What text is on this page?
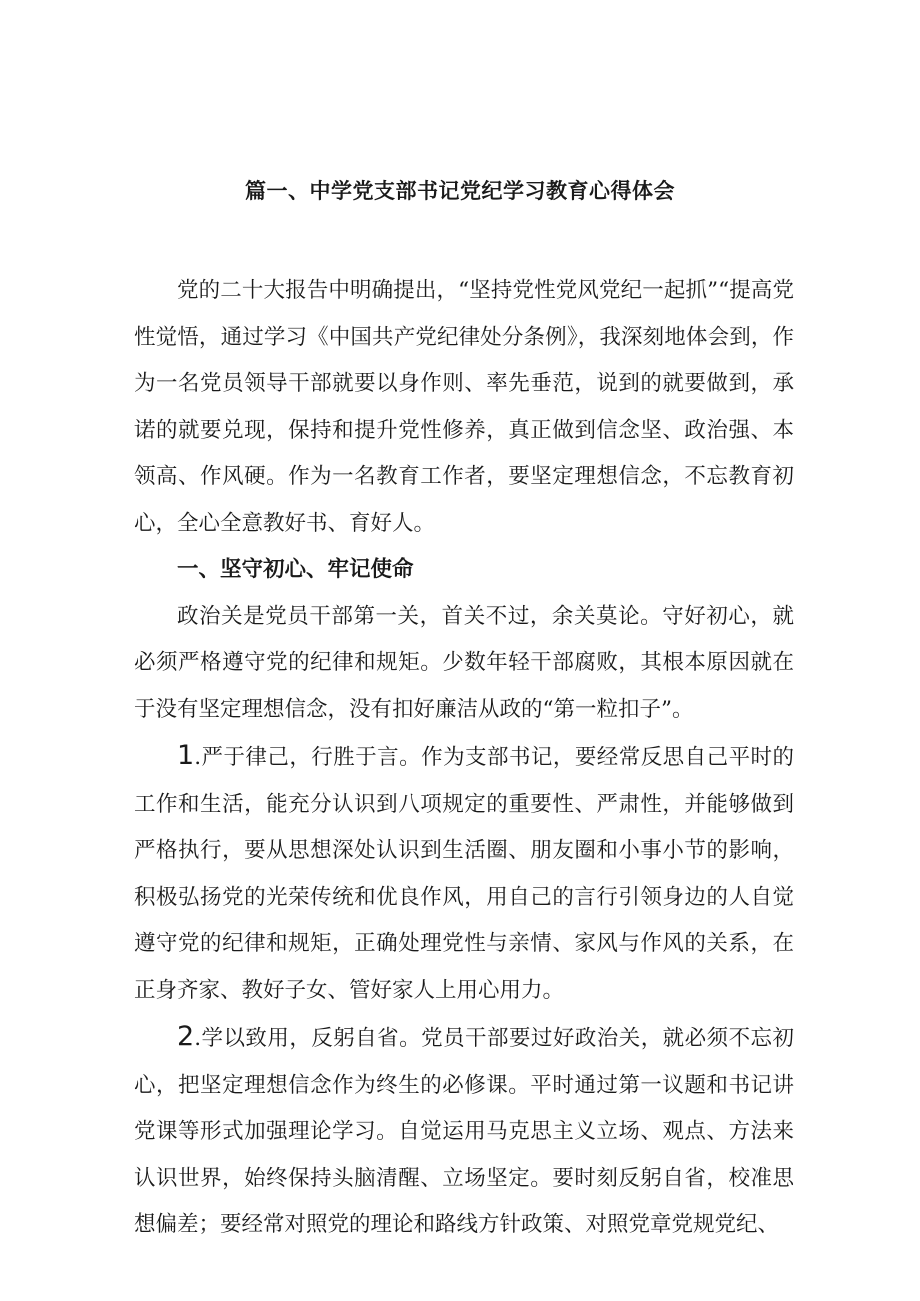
篇一、中学党支部书记党纪学习教育心得体会

党的二十大报告中明确提出，“坚持党性党风党纪一起抓”“提高党性觉悟，通过学习《中国共产党纪律处分条例》，我深刻地体会到，作为一名党员领导干部就要以身作则、率先垂范，说到的就要做到，承诺的就要兑现，保持和提升党性修养，真正做到信念坚、政治强、本领高、作风硬。作为一名教育工作者，要坚定理想信念，不忘教育初心，全心全意教好书、育好人。

一、坚守初心、牢记使命

政治关是党员干部第一关，首关不过，余关莫论。守好初心，就必须严格遵守党的纪律和规矩。少数年轻干部腐败，其根本原因就在于没有坚定理想信念，没有扣好廉洁从政的“第一粒扣子”。

1.严于律己，行胜于言。作为支部书记，要经常反思自己平时的工作和生活，能充分认识到八项规定的重要性、严肃性，并能够做到严格执行，要从思想深处认识到生活圈、朋友圈和小事小节的影响，积极弘扬党的光荣传统和优良作风，用自己的言行引领身边的人自觉遵守党的纪律和规矩，正确处理党性与亲情、家风与作风的关系，在正身齐家、教好子女、管好家人上用心用力。

2.学以致用，反躬自省。党员干部要过好政治关，就必须不忘初心，把坚定理想信念作为终生的必修课。平时通过第一议题和书记讲党课等形式加强理论学习。自觉运用马克思主义立场、观点、方法来认识世界，始终保持头脑清醒、立场坚定。要时刻反躬自省，校准思想偏差；要经常对照党的理论和路线方针政策、对照党章党规党纪、
